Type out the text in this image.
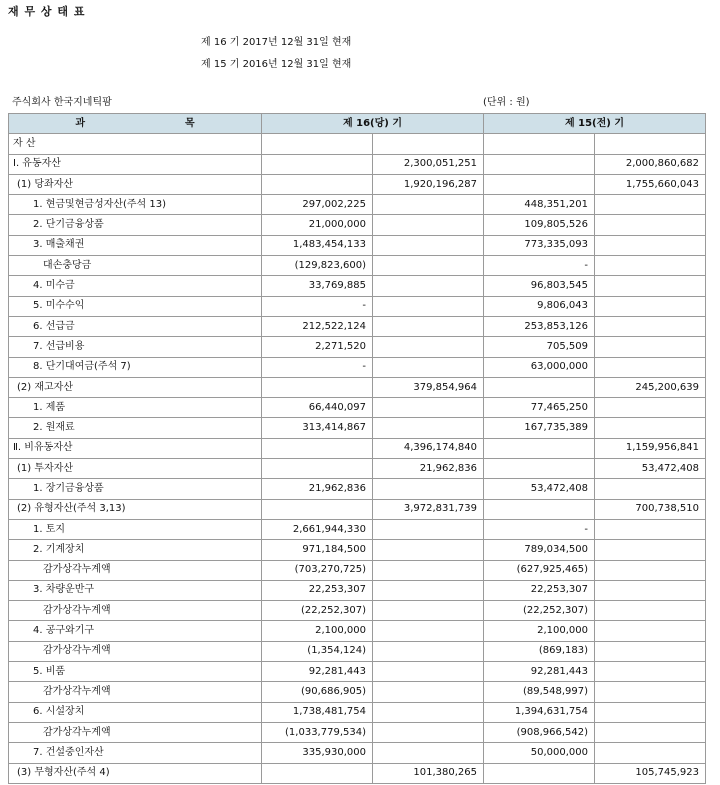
재 무 상 태 표
제 16 기 2017년 12월 31일 현재
제 15 기 2016년 12월 31일 현재
주식회사 한국지네틱팜	(단위 : 원)
과 목	제 16(당) 기		제 15(전) 기	
자 산				
Ⅰ. 유동자산		2,300,051,251		2,000,860,682
(1) 당좌자산		1,920,196,287		1,755,660,043
1. 현금및현금성자산(주석 13)	297,002,225		448,351,201	
2. 단기금융상품	21,000,000		109,805,526	
3. 매출채권	1,483,454,133		773,335,093	
대손충당금	(129,823,600)		-	
4. 미수금	33,769,885		96,803,545	
5. 미수수익	-		9,806,043	
6. 선급금	212,522,124		253,853,126	
7. 선급비용	2,271,520		705,509	
8. 단기대여금(주석 7)	-		63,000,000	
(2) 재고자산		379,854,964		245,200,639
1. 제품	66,440,097		77,465,250	
2. 원재료	313,414,867		167,735,389	
Ⅱ. 비유동자산		4,396,174,840		1,159,956,841
(1) 투자자산		21,962,836		53,472,408
1. 장기금융상품	21,962,836		53,472,408	
(2) 유형자산(주석 3,13)		3,972,831,739		700,738,510
1. 토지	2,661,944,330		-	
2. 기계장치	971,184,500		789,034,500	
감가상각누계액	(703,270,725)		(627,925,465)	
3. 차량운반구	22,253,307		22,253,307	
감가상각누계액	(22,252,307)		(22,252,307)	
4. 공구와기구	2,100,000		2,100,000	
감가상각누계액	(1,354,124)		(869,183)	
5. 비품	92,281,443		92,281,443	
감가상각누계액	(90,686,905)		(89,548,997)	
6. 시설장치	1,738,481,754		1,394,631,754	
감가상각누계액	(1,033,779,534)		(908,966,542)	
7. 건설중인자산	335,930,000		50,000,000	
(3) 무형자산(주석 4)		101,380,265		105,745,923
